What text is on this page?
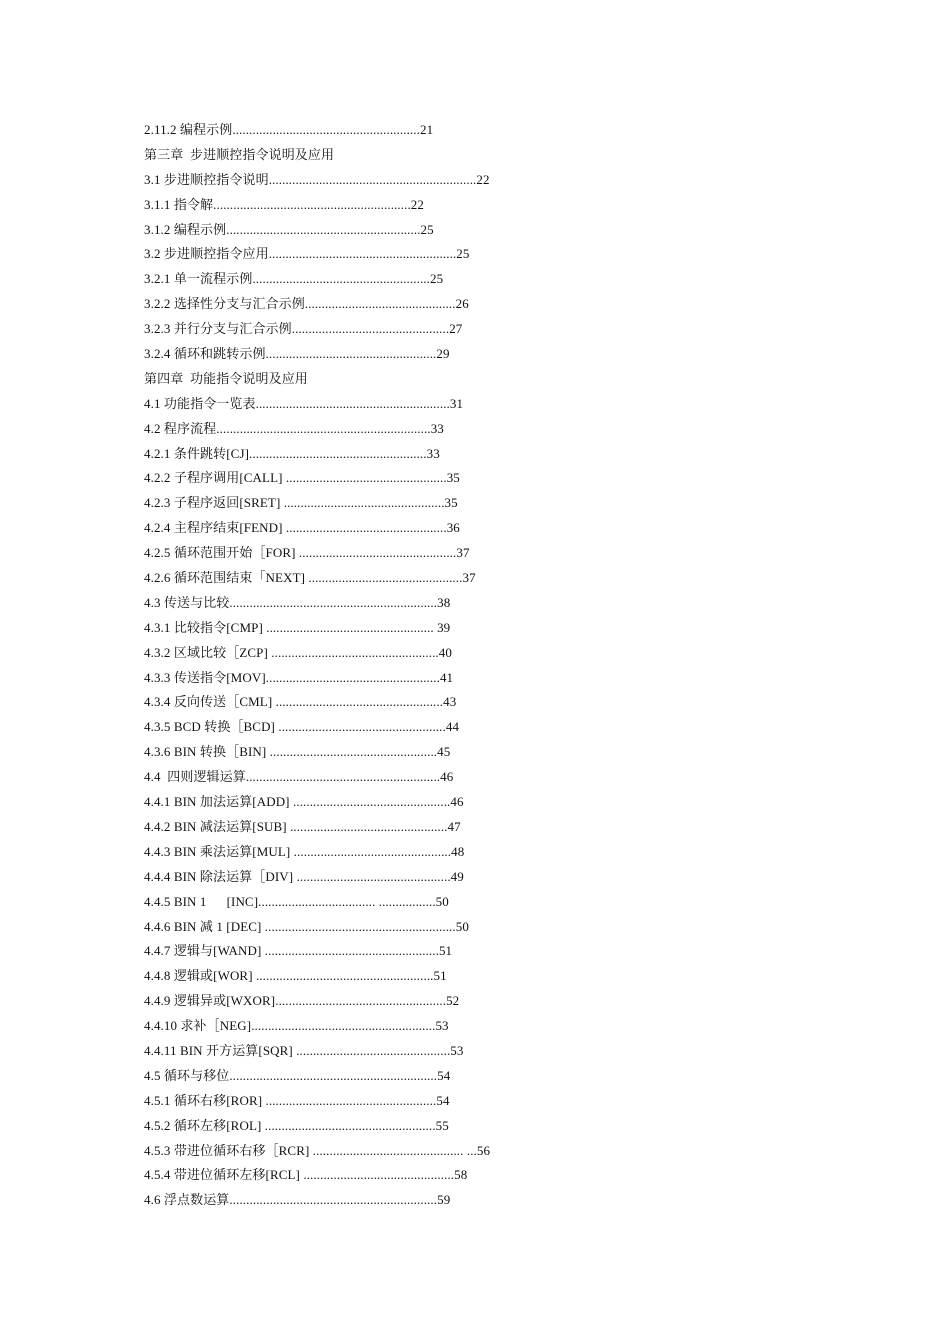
2.11.2 编程示例........................................................21
第三章  步进顺控指令说明及应用
3.1 步进顺控指令说明..............................................................22
3.1.1 指令解...........................................................22
3.1.2 编程示例..........................................................25
3.2 步进顺控指令应用........................................................25
3.2.1 单一流程示例.....................................................25
3.2.2 选择性分支与汇合示例.............................................26
3.2.3 并行分支与汇合示例...............................................27
3.2.4 循环和跳转示例...................................................29
第四章  功能指令说明及应用
4.1 功能指令一览表..........................................................31
4.2 程序流程................................................................33
4.2.1 条件跳转[CJ].....................................................33
4.2.2 子程序调用[CALL] ................................................35
4.2.3 子程序返回[SRET] ................................................35
4.2.4 主程序结束[FEND] ................................................36
4.2.5 循环范围开始［FOR] ...............................................37
4.2.6 循环范围结束「NEXT] ..............................................37
4.3 传送与比较..............................................................38
4.3.1 比较指令[CMP] .................................................. 39
4.3.2 区域比较［ZCP] ..................................................40
4.3.3 传送指令[MOV]....................................................41
4.3.4 反向传送［CML] ..................................................43
4.3.5 BCD 转换［BCD] ..................................................44
4.3.6 BIN 转换［BIN] ..................................................45
4.4  四则逻辑运算..........................................................46
4.4.1 BIN 加法运算[ADD] ...............................................46
4.4.2 BIN 减法运算[SUB] ...............................................47
4.4.3 BIN 乘法运算[MUL] ...............................................48
4.4.4 BIN 除法运算［DIV] ..............................................49
4.4.5 BIN 1      [INC]................................... .................50
4.4.6 BIN 减 1 [DEC] .........................................................50
4.4.7 逻辑与[WAND] ....................................................51
4.4.8 逻辑或[WOR] .....................................................51
4.4.9 逻辑异或[WXOR]...................................................52
4.4.10 求补［NEG].......................................................53
4.4.11 BIN 开方运算[SQR] ..............................................53
4.5 循环与移位..............................................................54
4.5.1 循环右移[ROR] ...................................................54
4.5.2 循环左移[ROL] ...................................................55
4.5.3 带进位循环右移［RCR] ............................................. ...56
4.5.4 带进位循环左移[RCL] .............................................58
4.6 浮点数运算..............................................................59
